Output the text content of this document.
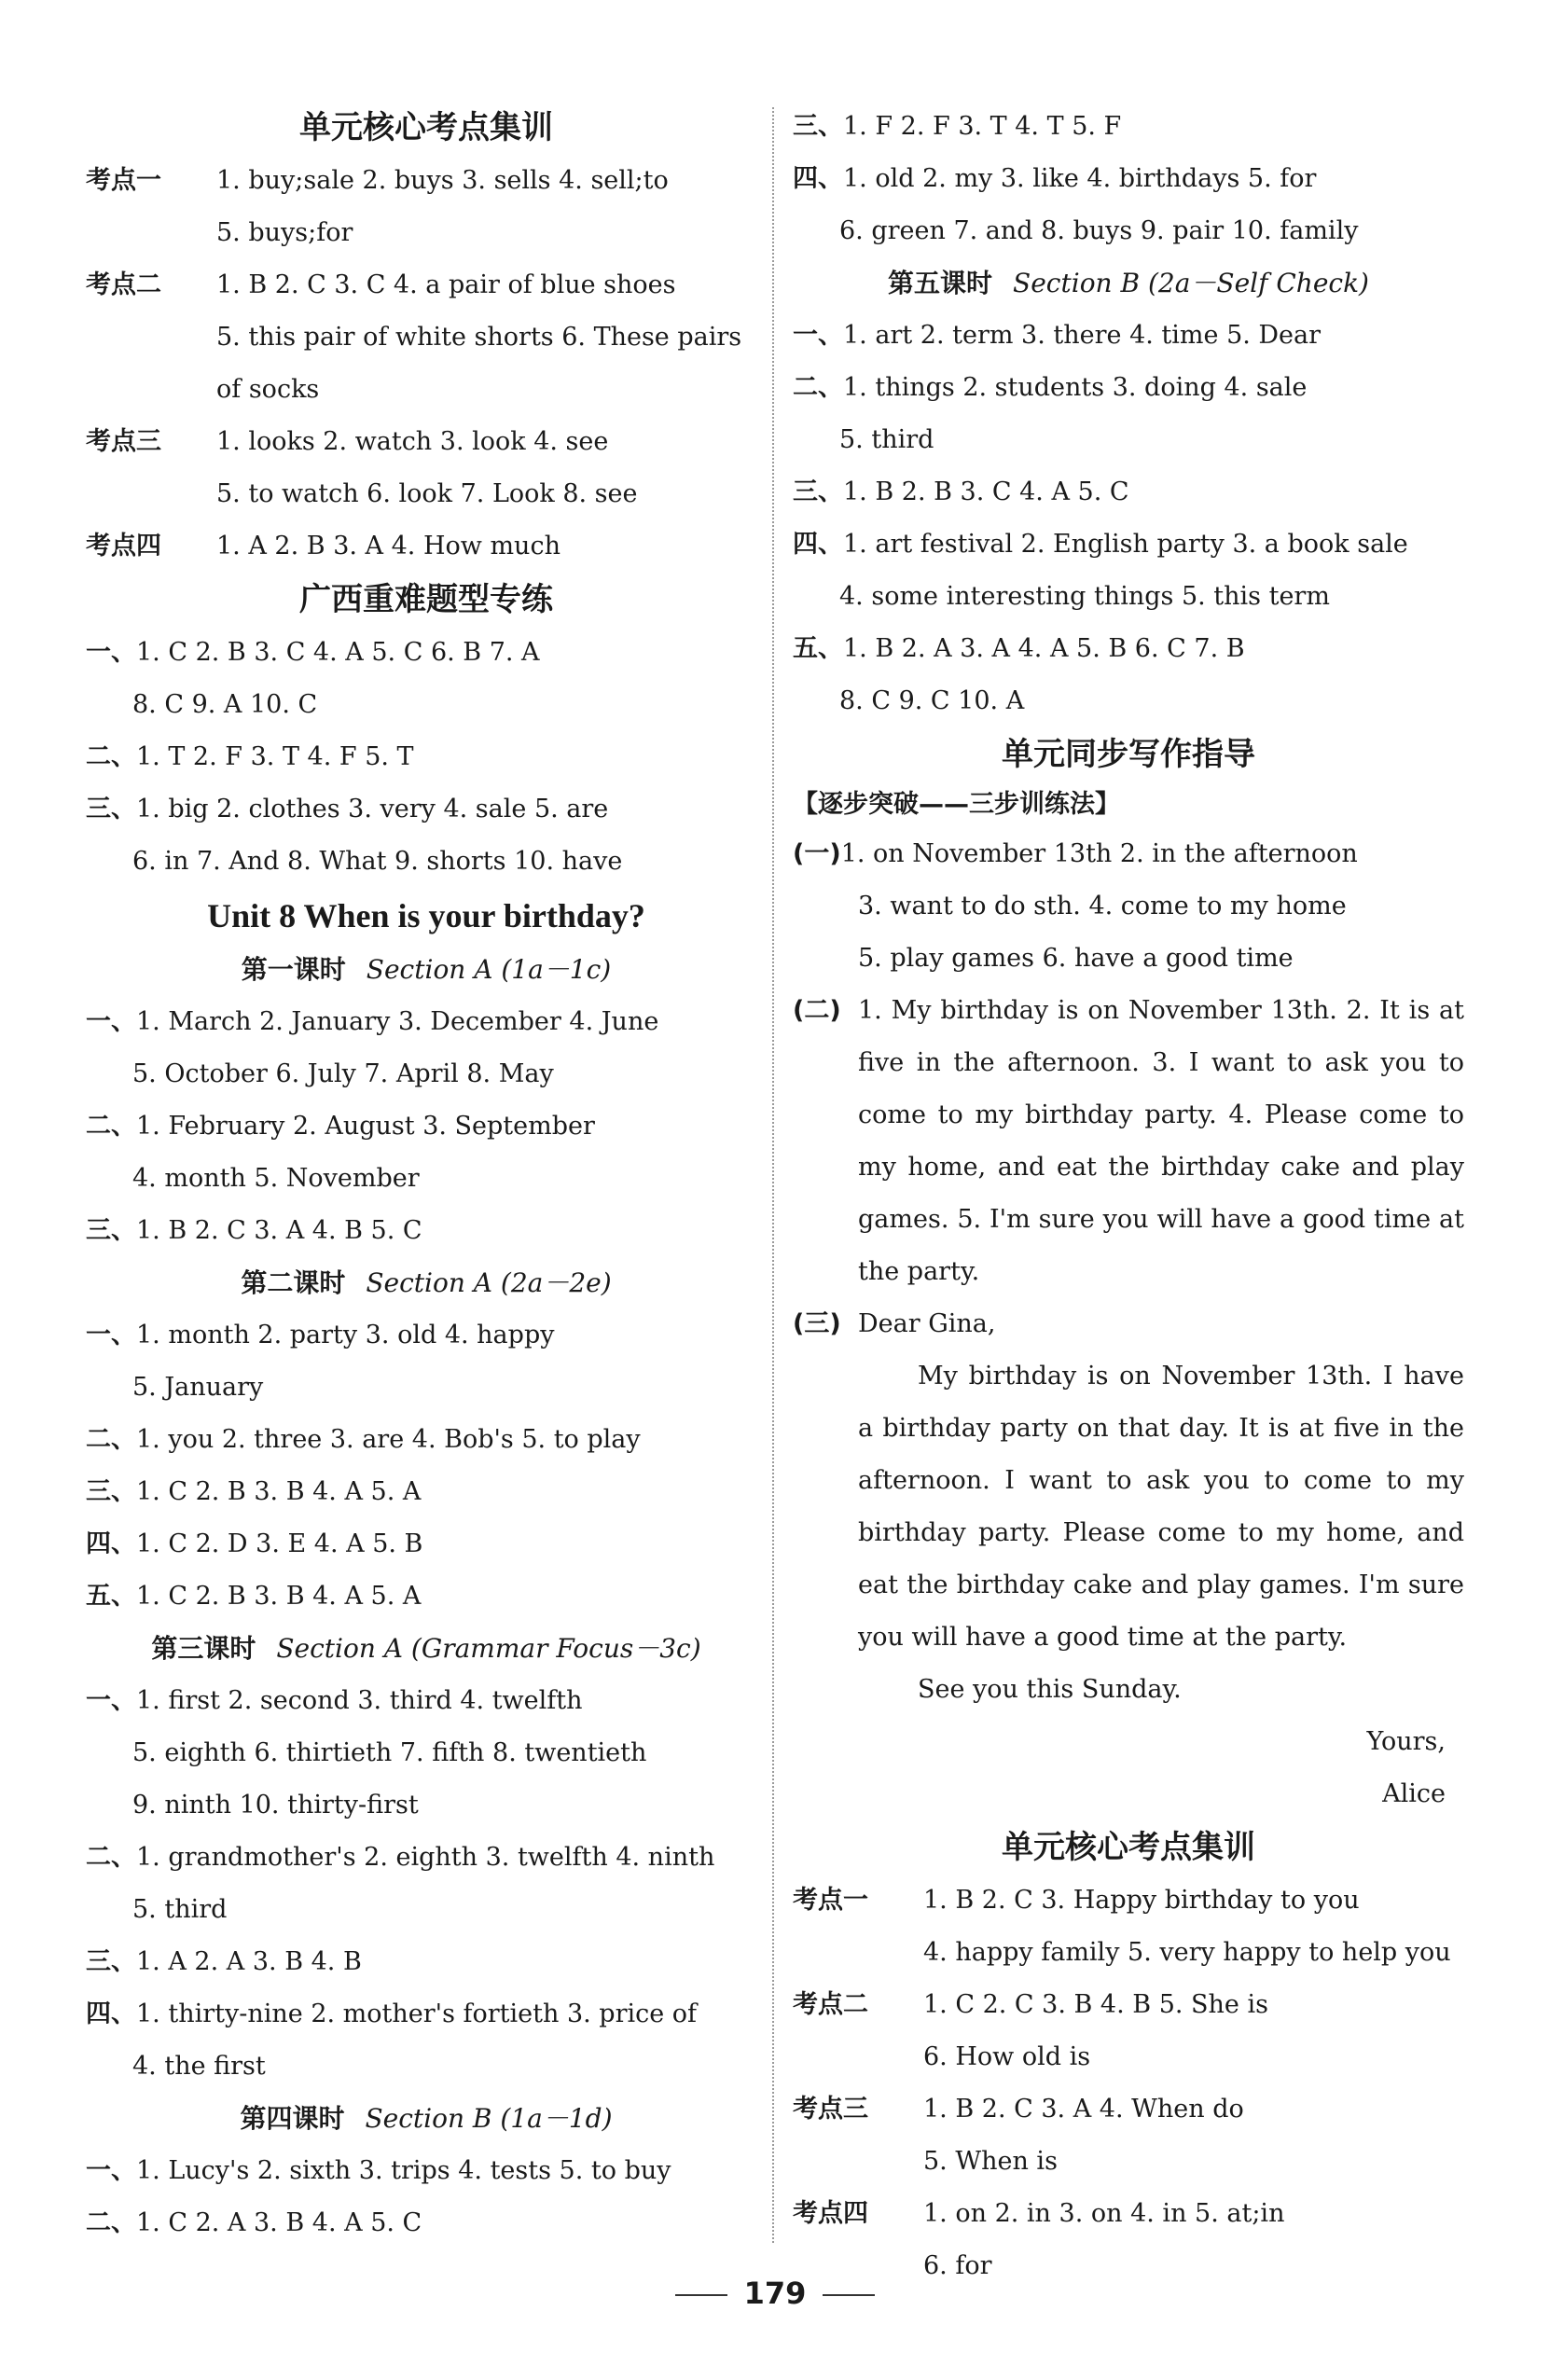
单元核心考点集训
考点一	1. buy;sale 2. buys 3. sells 4. sell;to
5. buys;for
考点二	1. B 2. C 3. C 4. a pair of blue shoes
5. this pair of white shorts 6. These pairs
of socks
考点三	1. looks 2. watch 3. look 4. see
5. to watch 6. look 7. Look 8. see
考点四	1. A 2. B 3. A 4. How much
广西重难题型专练
一、1. C 2. B 3. C 4. A 5. C 6. B 7. A
8. C 9. A 10. C
二、1. T 2. F 3. T 4. F 5. T
三、1. big 2. clothes 3. very 4. sale 5. are
6. in 7. And 8. What 9. shorts 10. have
Unit 8 When is your birthday?
第一课时 Section A (1a－1c)
一、1. March 2. January 3. December 4. June
5. October 6. July 7. April 8. May
二、1. February 2. August 3. September
4. month 5. November
三、1. B 2. C 3. A 4. B 5. C
第二课时 Section A (2a－2e)
一、1. month 2. party 3. old 4. happy
5. January
二、1. you 2. three 3. are 4. Bob's 5. to play
三、1. C 2. B 3. B 4. A 5. A
四、1. C 2. D 3. E 4. A 5. B
五、1. C 2. B 3. B 4. A 5. A
第三课时 Section A (Grammar Focus－3c)
一、1. first 2. second 3. third 4. twelfth
5. eighth 6. thirtieth 7. fifth 8. twentieth
9. ninth 10. thirty-first
二、1. grandmother's 2. eighth 3. twelfth 4. ninth
5. third
三、1. A 2. A 3. B 4. B
四、1. thirty-nine 2. mother's fortieth 3. price of
4. the first
第四课时 Section B (1a－1d)
一、1. Lucy's 2. sixth 3. trips 4. tests 5. to buy
二、1. C 2. A 3. B 4. A 5. C
三、1. F 2. F 3. T 4. T 5. F
四、1. old 2. my 3. like 4. birthdays 5. for
6. green 7. and 8. buys 9. pair 10. family
第五课时 Section B (2a－Self Check)
一、1. art 2. term 3. there 4. time 5. Dear
二、1. things 2. students 3. doing 4. sale
5. third
三、1. B 2. B 3. C 4. A 5. C
四、1. art festival 2. English party 3. a book sale
4. some interesting things 5. this term
五、1. B 2. A 3. A 4. A 5. B 6. C 7. B
8. C 9. C 10. A
单元同步写作指导
【逐步突破——三步训练法】
(一)1. on November 13th 2. in the afternoon
3. want to do sth. 4. come to my home
5. play games 6. have a good time
(二) 1. My birthday is on November 13th. 2. It is at five in the afternoon. 3. I want to ask you to come to my birthday party. 4. Please come to my home, and eat the birthday cake and play games. 5. I'm sure you will have a good time at the party.
(三) Dear Gina,
My birthday is on November 13th. I have a birthday party on that day. It is at five in the afternoon. I want to ask you to come to my birthday party. Please come to my home, and eat the birthday cake and play games. I'm sure you will have a good time at the party.
See you this Sunday.
Yours,
Alice
单元核心考点集训
考点一	1. B 2. C 3. Happy birthday to you
4. happy family 5. very happy to help you
考点二	1. C 2. C 3. B 4. B 5. She is
6. How old is
考点三	1. B 2. C 3. A 4. When do
5. When is
考点四	1. on 2. in 3. on 4. in 5. at;in
6. for
179
